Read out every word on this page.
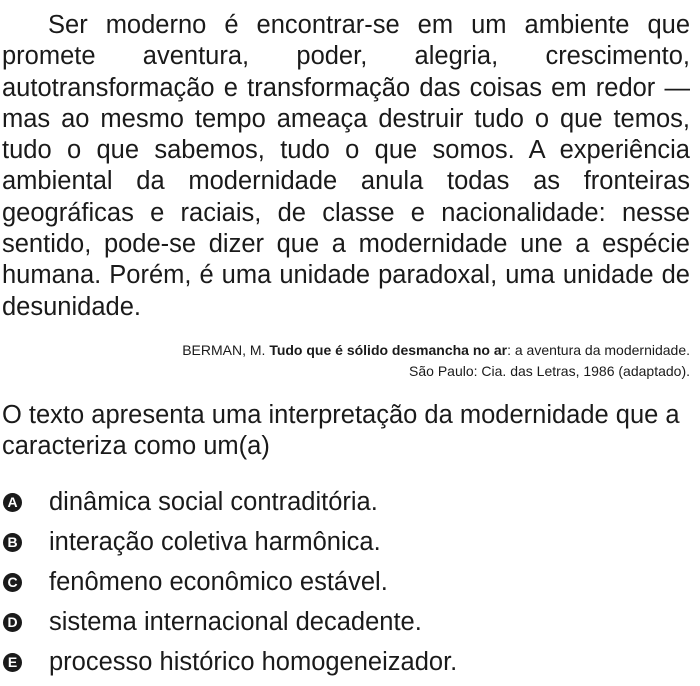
Ser moderno é encontrar-se em um ambiente que promete aventura, poder, alegria, crescimento, autotransformação e transformação das coisas em redor — mas ao mesmo tempo ameaça destruir tudo o que temos, tudo o que sabemos, tudo o que somos. A experiência ambiental da modernidade anula todas as fronteiras geográficas e raciais, de classe e nacionalidade: nesse sentido, pode-se dizer que a modernidade une a espécie humana. Porém, é uma unidade paradoxal, uma unidade de desunidade.

BERMAN, M. Tudo que é sólido desmancha no ar: a aventura da modernidade.
São Paulo: Cia. das Letras, 1986 (adaptado).
O texto apresenta uma interpretação da modernidade que a caracteriza como um(a)
A dinâmica social contraditória.
B interação coletiva harmônica.
C fenômeno econômico estável.
D sistema internacional decadente.
E processo histórico homogeneizador.
